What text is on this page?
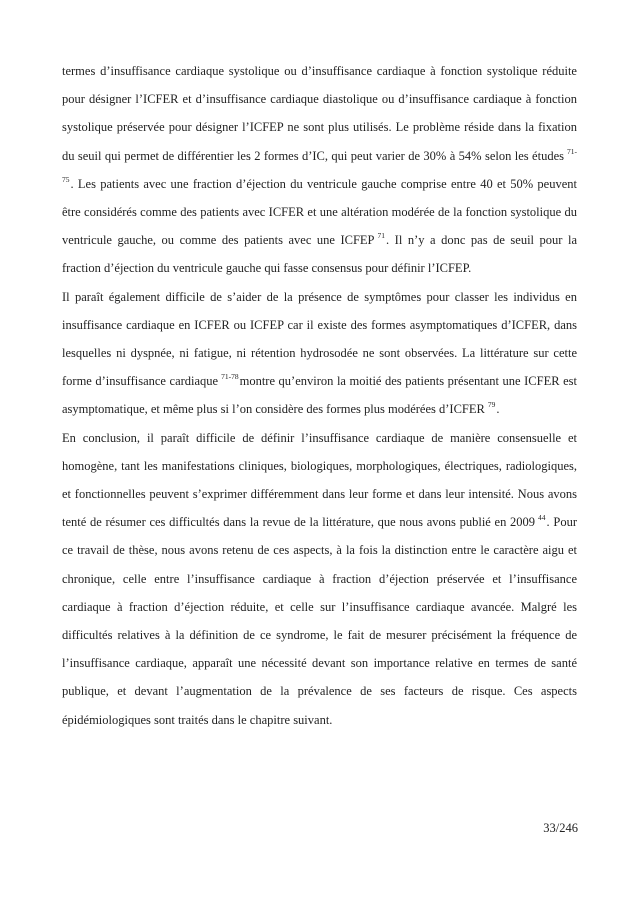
termes d’insuffisance cardiaque systolique ou d’insuffisance cardiaque à fonction systolique réduite pour désigner l’ICFER et d’insuffisance cardiaque diastolique ou d’insuffisance cardiaque à fonction systolique préservée pour désigner l’ICFEP ne sont plus utilisés. Le problème réside dans la fixation du seuil qui permet de différentier les 2 formes d’IC, qui peut varier de 30% à 54% selon les études $^{71-75}$. Les patients avec une fraction d’éjection du ventricule gauche comprise entre 40 et 50% peuvent être considérés comme des patients avec ICFER et une altération modérée de la fonction systolique du ventricule gauche, ou comme des patients avec une ICFEP $^{71}$. Il n’y a donc pas de seuil pour la fraction d’éjection du ventricule gauche qui fasse consensus pour définir l’ICFEP.

Il paraît également difficile de s’aider de la présence de symptômes pour classer les individus en insuffisance cardiaque en ICFER ou ICFEP car il existe des formes asymptomatiques d’ICFER, dans lesquelles ni dyspnée, ni fatigue, ni rétention hydrosodée ne sont observées. La littérature sur cette forme d’insuffisance cardiaque $^{71-78}$montre qu’environ la moitié des patients présentant une ICFER est asymptomatique, et même plus si l’on considère des formes plus modérées d’ICFER $^{79}$.

En conclusion, il paraît difficile de définir l’insuffisance cardiaque de manière consensuelle et homogène, tant les manifestations cliniques, biologiques, morphologiques, électriques, radiologiques, et fonctionnelles peuvent s’exprimer différemment dans leur forme et dans leur intensité. Nous avons tenté de résumer ces difficultés dans la revue de la littérature, que nous avons publié en 2009 $^{44}$. Pour ce travail de thèse, nous avons retenu de ces aspects, à la fois la distinction entre le caractère aigu et chronique, celle entre l’insuffisance cardiaque à fraction d’éjection préservée et l’insuffisance cardiaque à fraction d’éjection réduite, et celle sur l’insuffisance cardiaque avancée. Malgré les difficultés relatives à la définition de ce syndrome, le fait de mesurer précisément la fréquence de l’insuffisance cardiaque, apparaît une nécessité devant son importance relative en termes de santé publique, et devant l’augmentation de la prévalence de ses facteurs de risque. Ces aspects épidémiologiques sont traités dans le chapitre suivant.

33/246
